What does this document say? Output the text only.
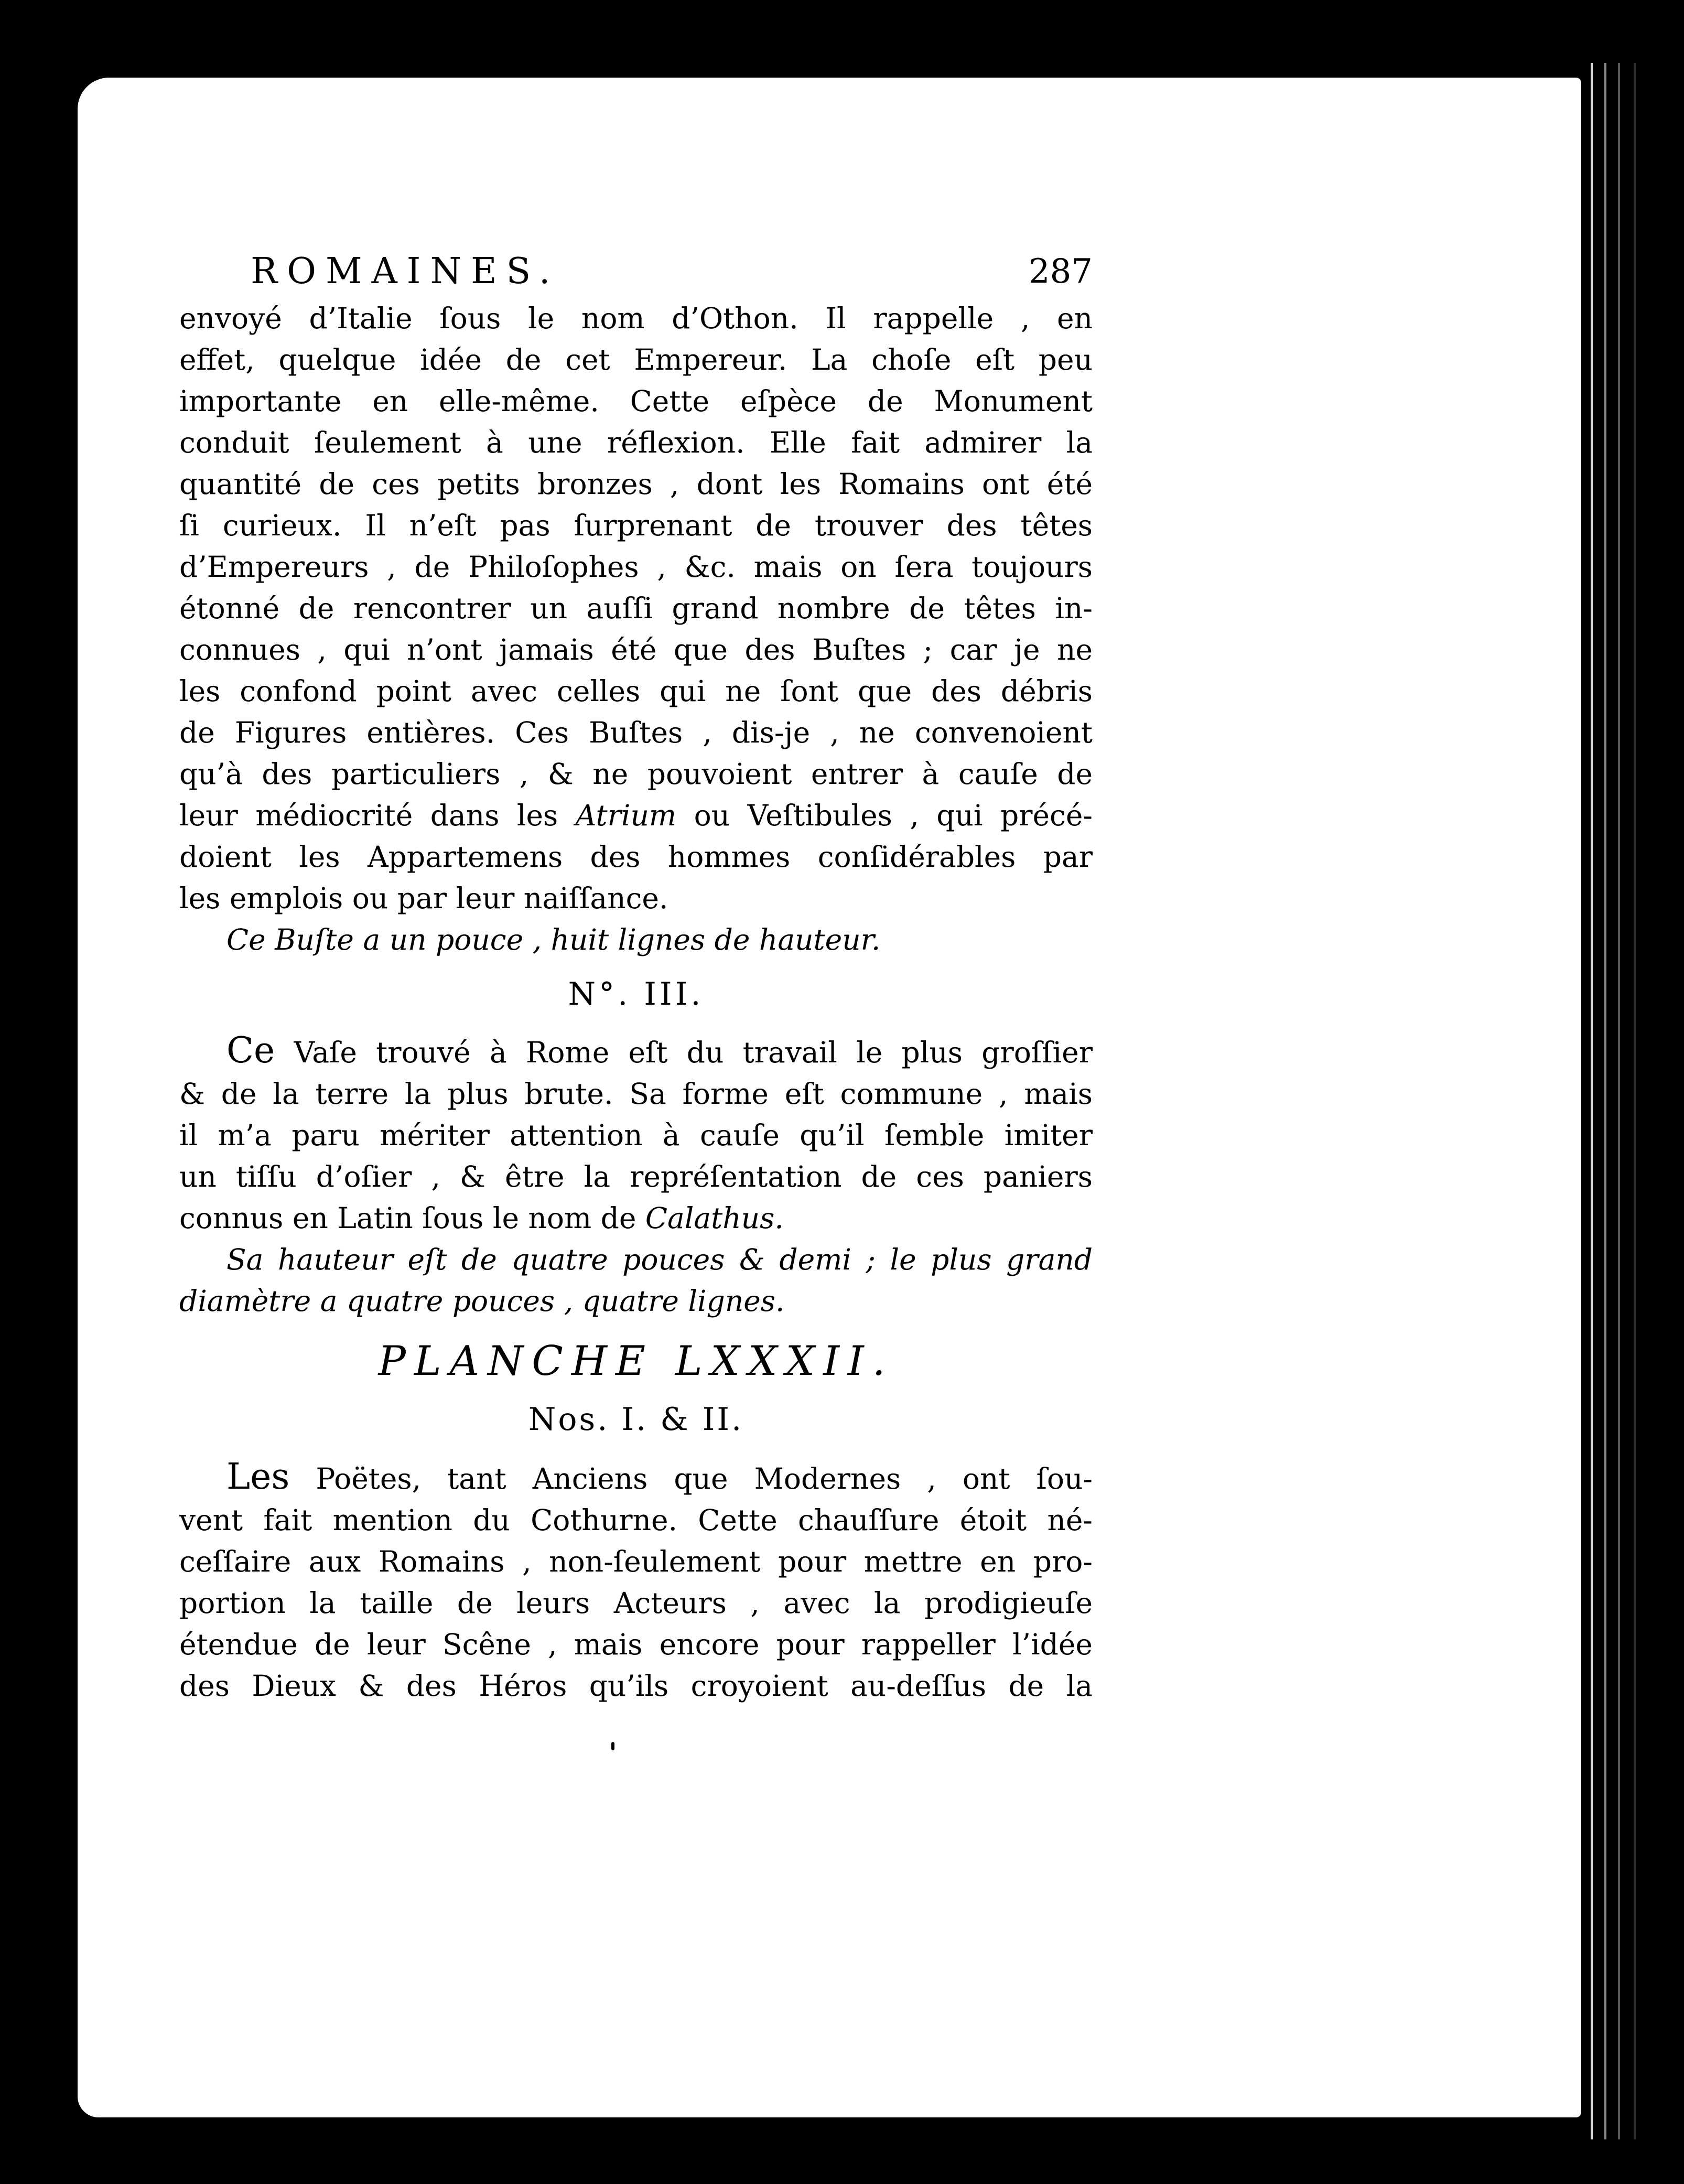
ROMAINES.	287
envoyé d’Italie ſous le nom d’Othon. Il rappelle , en
effet, quelque idée de cet Empereur. La choſe eſt peu
importante en elle-même. Cette eſpèce de Monument
conduit ſeulement à une réflexion. Elle fait admirer la
quantité de ces petits bronzes , dont les Romains ont été
ſi curieux. Il n’eſt pas ſurprenant de trouver des têtes
d’Empereurs , de Philoſophes , &c. mais on ſera toujours
étonné de rencontrer un auſſi grand nombre de têtes in-
connues , qui n’ont jamais été que des Buſtes ; car je ne
les confond point avec celles qui ne ſont que des débris
de Figures entières. Ces Buſtes , dis-je , ne convenoient
qu’à des particuliers , & ne pouvoient entrer à cauſe de
leur médiocrité dans les Atrium ou Veſtibules , qui précé-
doient les Appartemens des hommes conſidérables par
les emplois ou par leur naiſſance.
Ce Buſte a un pouce , huit lignes de hauteur.
N°. III.
Ce Vaſe trouvé à Rome eſt du travail le plus groſſier
& de la terre la plus brute. Sa forme eſt commune , mais
il m’a paru mériter attention à cauſe qu’il ſemble imiter
un tiſſu d’oſier , & être la repréſentation de ces paniers
connus en Latin ſous le nom de Calathus.
Sa hauteur eſt de quatre pouces & demi ; le plus grand
diamètre a quatre pouces , quatre lignes.
PLANCHE LXXXII.
Nos. I. & II.
Les Poëtes, tant Anciens que Modernes , ont ſou-
vent fait mention du Cothurne. Cette chauſſure étoit né-
ceſſaire aux Romains , non-ſeulement pour mettre en pro-
portion la taille de leurs Acteurs , avec la prodigieuſe
étendue de leur Scêne , mais encore pour rappeller l’idée
des Dieux & des Héros qu’ils croyoient au-deſſus de la
